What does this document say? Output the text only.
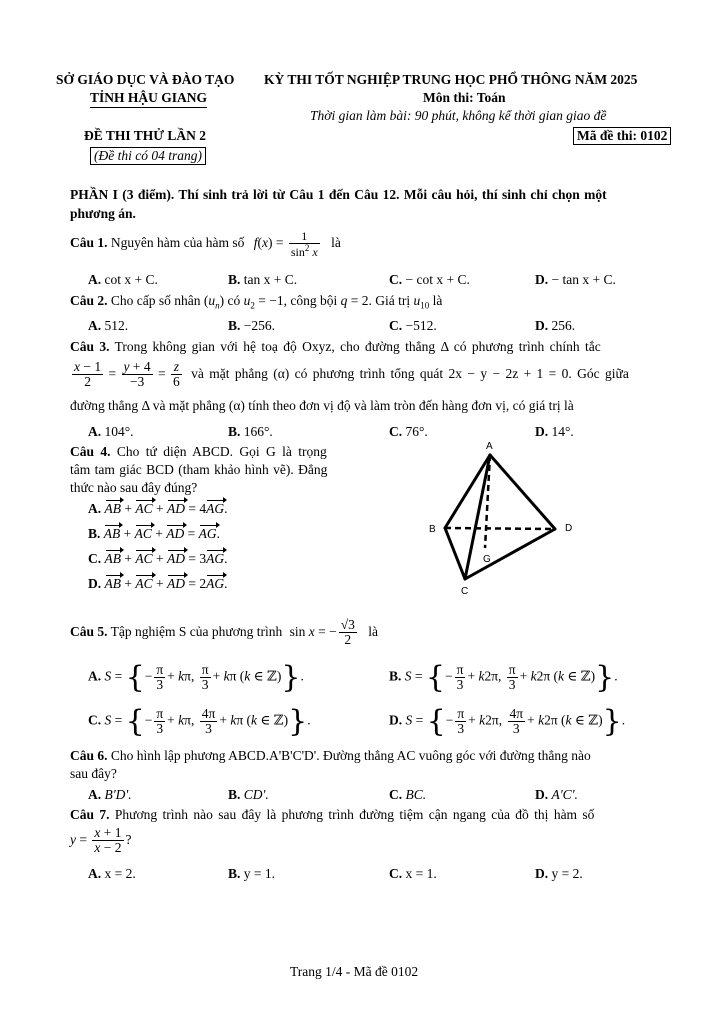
SỞ GIÁO DỤC VÀ ĐÀO TẠO
TỈNH HẬU GIANG
KỲ THI TỐT NGHIỆP TRUNG HỌC PHỔ THÔNG NĂM 2025
Môn thi: Toán
Thời gian làm bài: 90 phút, không kể thời gian giao đề
ĐỀ THI THỬ LẦN 2
(Đề thi có 04 trang)
Mã đề thi: 0102
PHẦN I (3 điểm). Thí sinh trả lời từ Câu 1 đến Câu 12. Mỗi câu hỏi, thí sinh chỉ chọn một
phương án.
Câu 1. Nguyên hàm của hàm số $f(x) = \frac{1}{\sin^2 x}$ là
A. cot x + C.	B. tan x + C.	C. − cot x + C.	D. − tan x + C.
Câu 2. Cho cấp số nhân $(u_n)$ có $u_2 = -1$, công bội q = 2. Giá trị $u_{10}$ là
A. 512.	B. −256.	C. −512.	D. 256.
Câu 3. Trong không gian với hệ toạ độ Oxyz, cho đường thẳng Δ có phương trình chính tắc
$\frac{x - 1}{2} = \frac{y + 4}{-3} = \frac{z}{6}$ và mặt phẳng (α) có phương trình tổng quát 2x − y − 2z + 1 = 0. Góc giữa
đường thẳng Δ và mặt phẳng (α) tính theo đơn vị độ và làm tròn đến hàng đơn vị, có giá trị là
A. 104°.	B. 166°.	C. 76°.	D. 14°.
Câu 4. Cho tứ diện ABCD. Gọi G là trọng
tâm tam giác BCD (tham khảo hình vẽ). Đẳng
thức nào sau đây đúng?
A. AB + AC + AD = 4AG.
B. AB + AC + AD = AG.
C. AB + AC + AD = 3AG.
D. AB + AC + AD = 2AG.
A
B
C
D
G
Câu 5. Tập nghiệm S của phương trình sin x = − $\frac{√3}{2}$ là
A. S = {− $\frac{\pi}{3} + k\pi$, $\frac{\pi}{3} + k\pi$ (k ∈ ℤ)}.	B. S = {− $\frac{\pi}{3} + k2\pi$, $\frac{\pi}{3} + k2\pi$ (k ∈ ℤ)}.
C. S = {− $\frac{\pi}{3} + k\pi$, $\frac{4\pi}{3} + k\pi$ (k ∈ ℤ)}.	D. S = {− $\frac{\pi}{3} + k2\pi$, $\frac{4\pi}{3} + k2\pi$ (k ∈ ℤ)}.
Câu 6. Cho hình lập phương ABCD.A'B'C'D'. Đường thẳng AC vuông góc với đường thẳng nào
sau đây?
A. B'D'.	B. CD'.	C. BC.	D. A'C'.
Câu 7. Phương trình nào sau đây là phương trình đường tiệm cận ngang của đồ thị hàm số
$y = \frac{x + 1}{x - 2}$ ?
A. x = 2.	B. y = 1.	C. x = 1.	D. y = 2.
Trang 1/4 - Mã đề 0102
